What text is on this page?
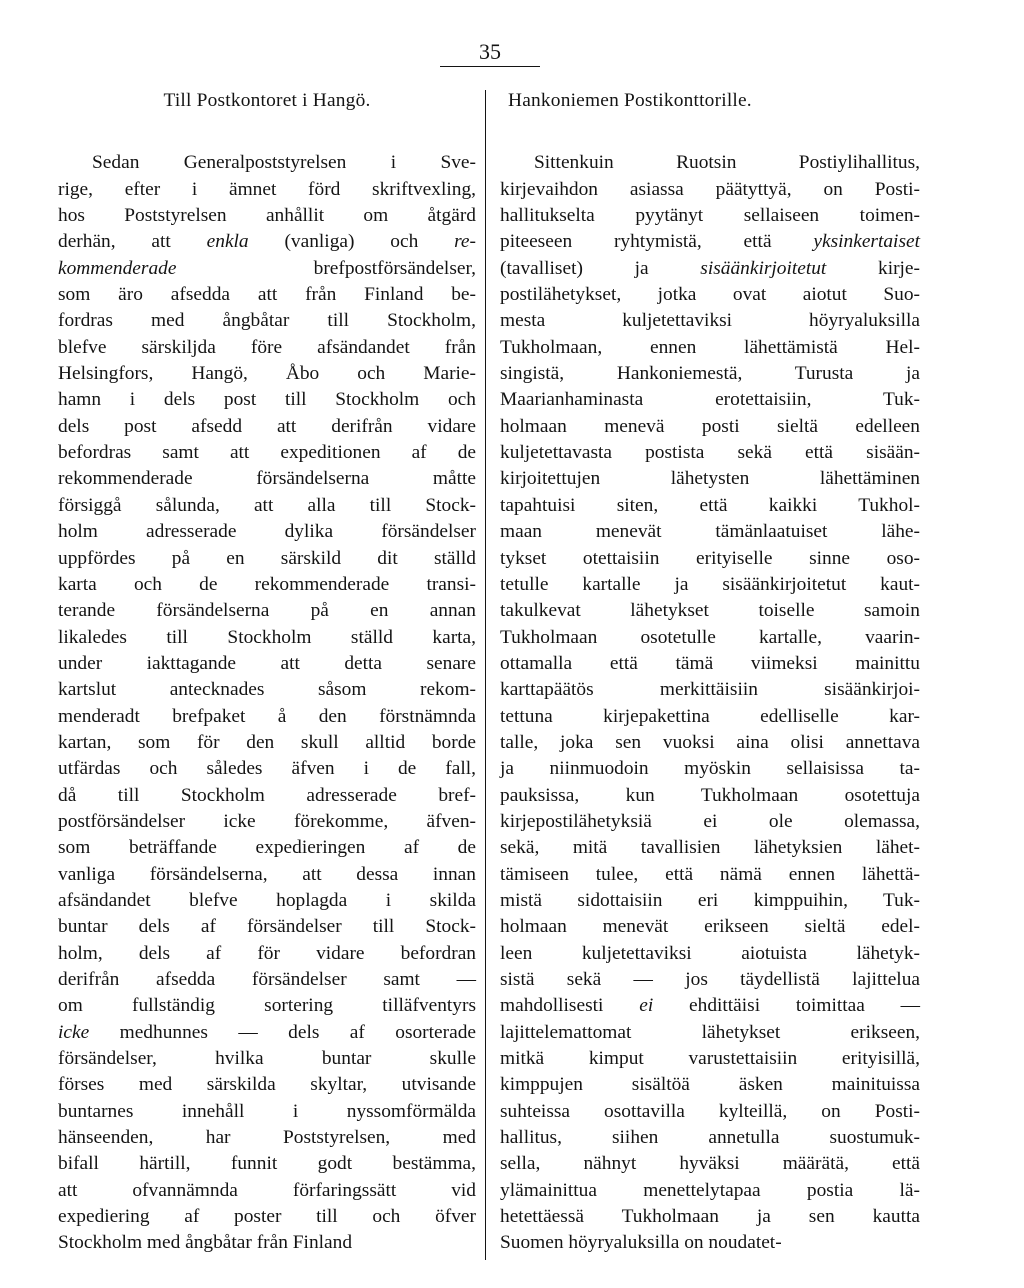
35
Till Postkontoret i Hangö.
Sedan Generalpoststyrelsen i Sve-
rige, efter i ämnet förd skriftvexling,
hos Poststyrelsen anhållit om åtgärd
derhän, att enkla (vanliga) och re-
kommenderade brefpostförsändelser,
som äro afsedda att från Finland be-
fordras med ångbåtar till Stockholm,
blefve särskiljda före afsändandet från
Helsingfors, Hangö, Åbo och Marie-
hamn i dels post till Stockholm och
dels post afsedd att derifrån vidare
befordras samt att expeditionen af de
rekommenderade försändelserna måtte
försiggå sålunda, att alla till Stock-
holm adresserade dylika försändelser
uppfördes på en särskild dit ställd
karta och de rekommenderade transi-
terande försändelserna på en annan
likaledes till Stockholm ställd karta,
under iakttagande att detta senare
kartslut antecknades såsom rekom-
menderadt brefpaket å den förstnämnda
kartan, som för den skull alltid borde
utfärdas och således äfven i de fall,
då till Stockholm adresserade bref-
postförsändelser icke förekomme, äfven-
som beträffande expedieringen af de
vanliga försändelserna, att dessa innan
afsändandet blefve hoplagda i skilda
buntar dels af försändelser till Stock-
holm, dels af för vidare befordran
derifrån afsedda försändelser samt —
om fullständig sortering tilläfventyrs
icke medhunnes — dels af osorterade
försändelser, hvilka buntar skulle
förses med särskilda skyltar, utvisande
buntarnes innehåll i nyssomförmälda
hänseenden, har Poststyrelsen, med
bifall härtill, funnit godt bestämma,
att ofvannämnda förfaringssätt vid
expediering af poster till och öfver
Stockholm med ångbåtar från Finland
Hankoniemen Postikonttorille.
Sittenkuin Ruotsin Postiylihallitus,
kirjevaihdon asiassa päätyttyä, on Posti-
hallitukselta pyytänyt sellaiseen toimen-
piteeseen ryhtymistä, että yksinkertaiset
(tavalliset) ja sisäänkirjoitetut kirje-
postilähetykset, jotka ovat aiotut Suo-
mesta kuljetettaviksi höyryaluksilla
Tukholmaan, ennen lähettämistä Hel-
singistä, Hankoniemestä, Turusta ja
Maarianhaminasta erotettaisiin, Tuk-
holmaan menevä posti sieltä edelleen
kuljetettavasta postista sekä että sisään-
kirjoitettujen lähetysten lähettäminen
tapahtuisi siten, että kaikki Tukhol-
maan menevät tämänlaatuiset lähe-
tykset otettaisiin erityiselle sinne oso-
tetulle kartalle ja sisäänkirjoitetut kaut-
takulkevat lähetykset toiselle samoin
Tukholmaan osotetulle kartalle, vaarin-
ottamalla että tämä viimeksi mainittu
karttapäätös merkittäisiin sisäänkirjoi-
tettuna kirjepakettina edelliselle kar-
talle, joka sen vuoksi aina olisi annettava
ja niinmuodoin myöskin sellaisissa ta-
pauksissa, kun Tukholmaan osotettuja
kirjepostilähetyksiä ei ole olemassa,
sekä, mitä tavallisien lähetyksien lähet-
tämiseen tulee, että nämä ennen lähettä-
mistä sidottaisiin eri kimppuihin, Tuk-
holmaan menevät erikseen sieltä edel-
leen kuljetettaviksi aiotuista lähetyk-
sistä sekä — jos täydellistä lajittelua
mahdollisesti ei ehdittäisi toimittaa —
lajittelemattomat lähetykset erikseen,
mitkä kimput varustettaisiin erityisillä,
kimppujen sisältöä äsken mainituissa
suhteissa osottavilla kylteillä, on Posti-
hallitus, siihen annetulla suostumuk-
sella, nähnyt hyväksi määrätä, että
ylämainittua menettelytapaa postia lä-
hetettäessä Tukholmaan ja sen kautta
Suomen höyryaluksilla on noudatet-
